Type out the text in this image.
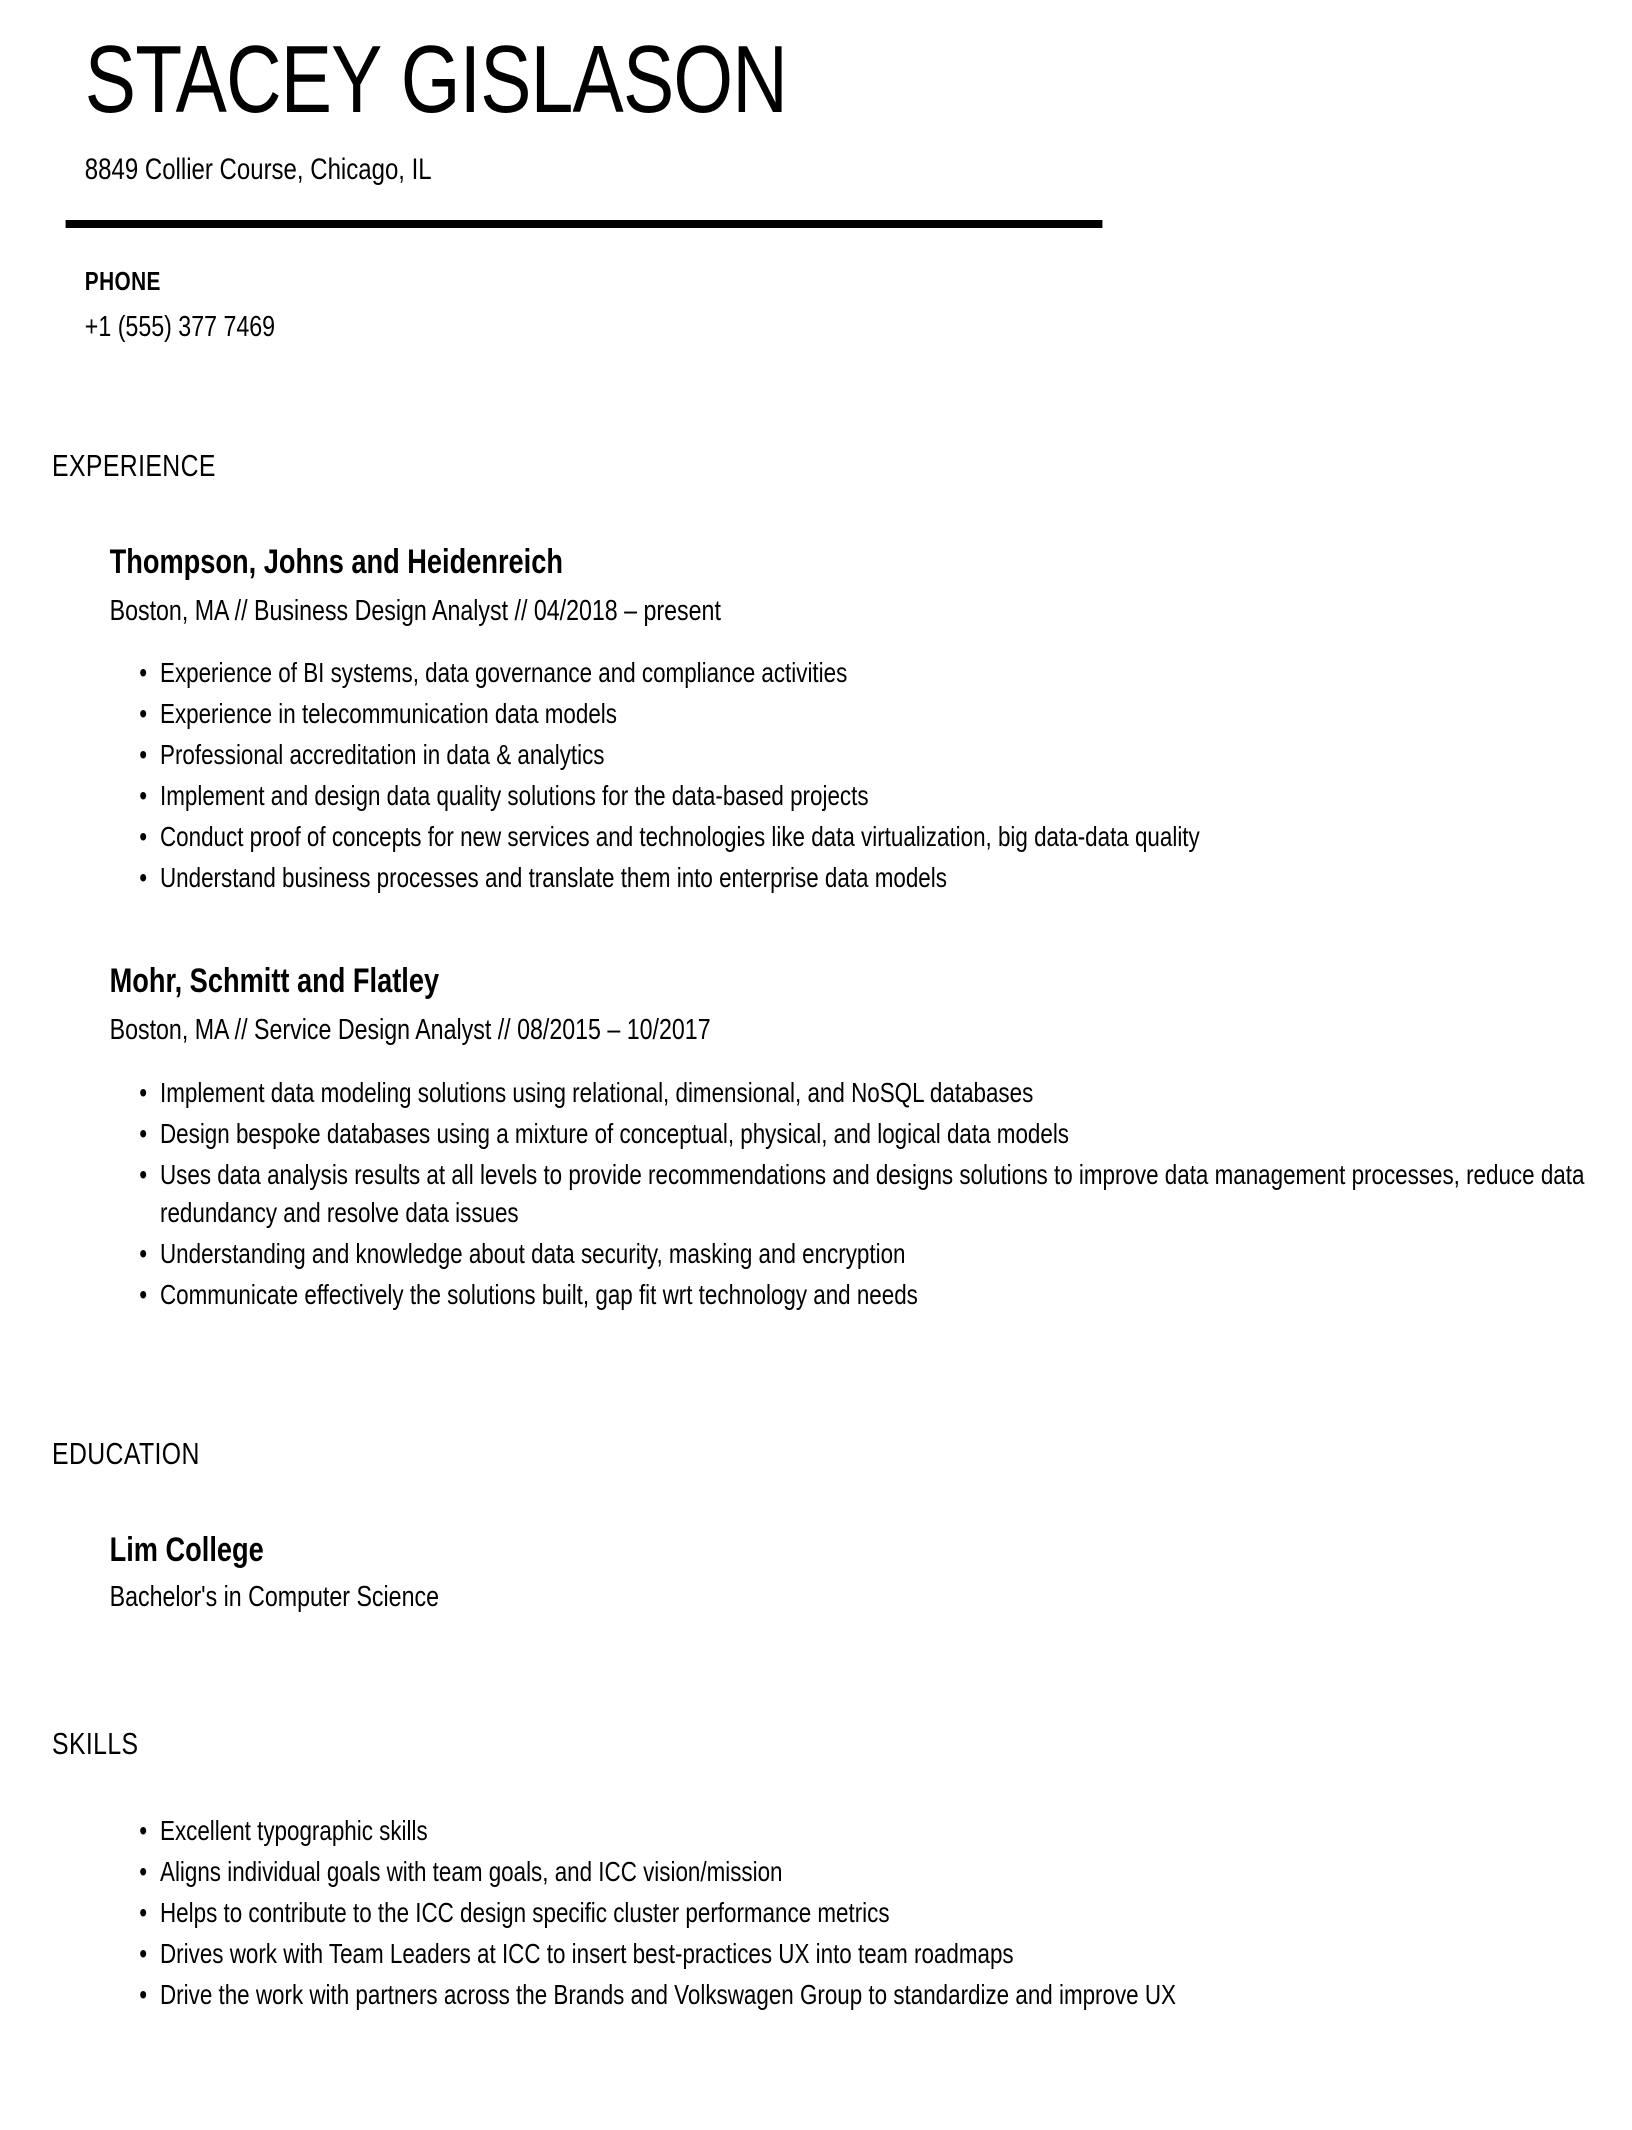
STACEY GISLASON
8849 Collier Course, Chicago, IL
PHONE
+1 (555) 377 7469
EXPERIENCE
Thompson, Johns and Heidenreich
Boston, MA // Business Design Analyst // 04/2018 – present
• Experience of BI systems, data governance and compliance activities
• Experience in telecommunication data models
• Professional accreditation in data & analytics
• Implement and design data quality solutions for the data-based projects
• Conduct proof of concepts for new services and technologies like data virtualization, big data-data quality
• Understand business processes and translate them into enterprise data models
Mohr, Schmitt and Flatley
Boston, MA // Service Design Analyst // 08/2015 – 10/2017
• Implement data modeling solutions using relational, dimensional, and NoSQL databases
• Design bespoke databases using a mixture of conceptual, physical, and logical data models
• Uses data analysis results at all levels to provide recommendations and designs solutions to improve data management processes, reduce data redundancy and resolve data issues
• Understanding and knowledge about data security, masking and encryption
• Communicate effectively the solutions built, gap fit wrt technology and needs
EDUCATION
Lim College
Bachelor's in Computer Science
SKILLS
• Excellent typographic skills
• Aligns individual goals with team goals, and ICC vision/mission
• Helps to contribute to the ICC design specific cluster performance metrics
• Drives work with Team Leaders at ICC to insert best-practices UX into team roadmaps
• Drive the work with partners across the Brands and Volkswagen Group to standardize and improve UX
